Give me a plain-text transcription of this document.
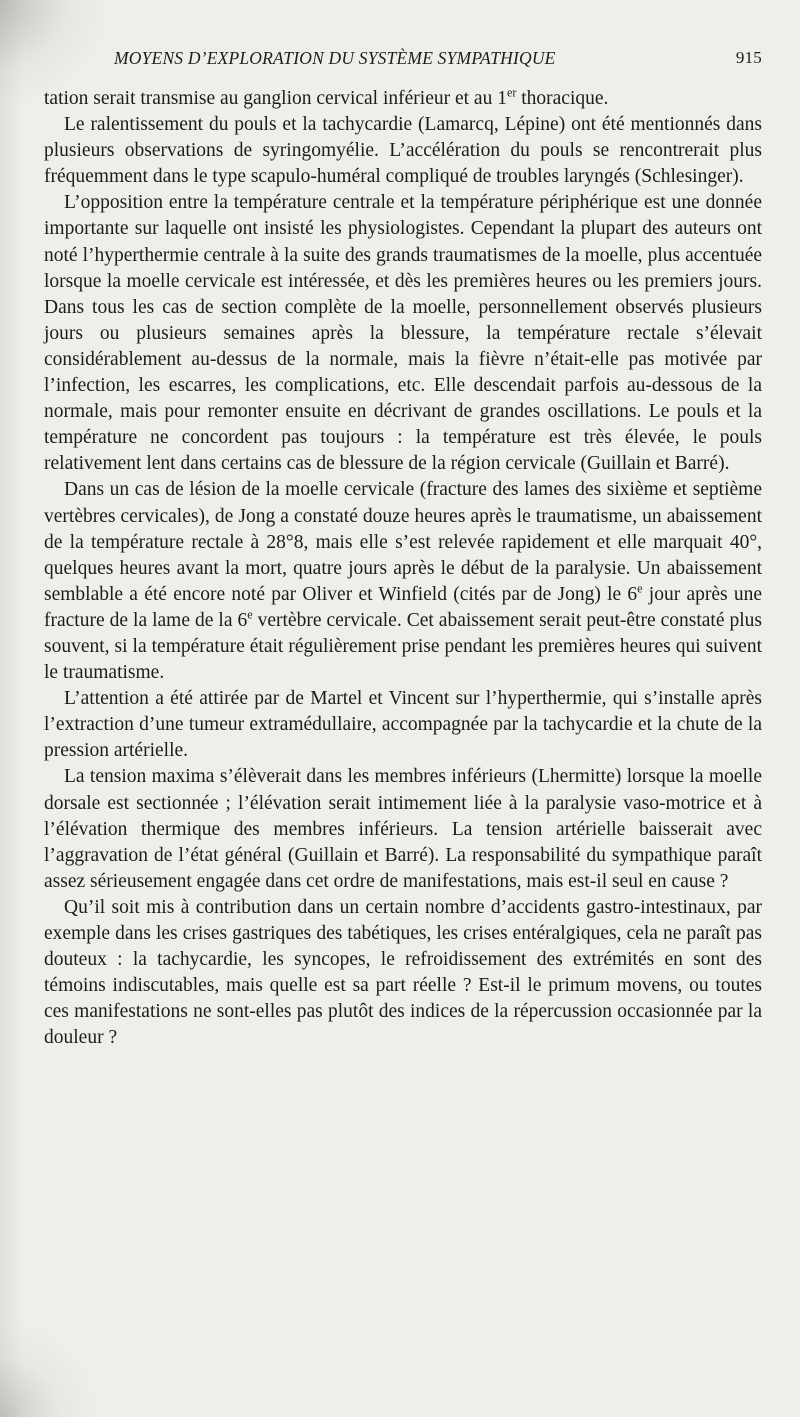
MOYENS D’EXPLORATION DU SYSTÈME SYMPATHIQUE	915

tation serait transmise au ganglion cervical inférieur et au 1er thoracique.

Le ralentissement du pouls et la tachycardie (Lamarcq, Lépine) ont été mentionnés dans plusieurs observations de syringomyélie. L’accélération du pouls se rencontrerait plus fréquemment dans le type scapulo-huméral compliqué de troubles laryngés (Schlesinger).

L’opposition entre la température centrale et la température périphérique est une donnée importante sur laquelle ont insisté les physiologistes. Cependant la plupart des auteurs ont noté l’hyperthermie centrale à la suite des grands traumatismes de la moelle, plus accentuée lorsque la moelle cervicale est intéressée, et dès les premières heures ou les premiers jours. Dans tous les cas de section complète de la moelle, personnellement observés plusieurs jours ou plusieurs semaines après la blessure, la température rectale s’élevait considérablement au-dessus de la normale, mais la fièvre n’était-elle pas motivée par l’infection, les escarres, les complications, etc. Elle descendait parfois au-dessous de la normale, mais pour remonter ensuite en décrivant de grandes oscillations. Le pouls et la température ne concordent pas toujours : la température est très élevée, le pouls relativement lent dans certains cas de blessure de la région cervicale (Guillain et Barré).

Dans un cas de lésion de la moelle cervicale (fracture des lames des sixième et septième vertèbres cervicales), de Jong a constaté douze heures après le traumatisme, un abaissement de la température rectale à 28°8, mais elle s’est relevée rapidement et elle marquait 40°, quelques heures avant la mort, quatre jours après le début de la paralysie. Un abaissement semblable a été encore noté par Oliver et Winfield (cités par de Jong) le 6e jour après une fracture de la lame de la 6e vertèbre cervicale. Cet abaissement serait peut-être constaté plus souvent, si la température était régulièrement prise pendant les premières heures qui suivent le traumatisme.

L’attention a été attirée par de Martel et Vincent sur l’hyperthermie, qui s’installe après l’extraction d’une tumeur extramédullaire, accompagnée par la tachycardie et la chute de la pression artérielle.

La tension maxima s’élèverait dans les membres inférieurs (Lhermitte) lorsque la moelle dorsale est sectionnée ; l’élévation serait intimement liée à la paralysie vaso-motrice et à l’élévation thermique des membres inférieurs. La tension artérielle baisserait avec l’aggravation de l’état général (Guillain et Barré). La responsabilité du sympathique paraît assez sérieusement engagée dans cet ordre de manifestations, mais est-il seul en cause ?

Qu’il soit mis à contribution dans un certain nombre d’accidents gastro-intestinaux, par exemple dans les crises gastriques des tabétiques, les crises entéralgiques, cela ne paraît pas douteux : la tachycardie, les syncopes, le refroidissement des extrémités en sont des témoins indiscutables, mais quelle est sa part réelle ? Est-il le primum movens, ou toutes ces manifestations ne sont-elles pas plutôt des indices de la répercussion occasionnée par la douleur ?
